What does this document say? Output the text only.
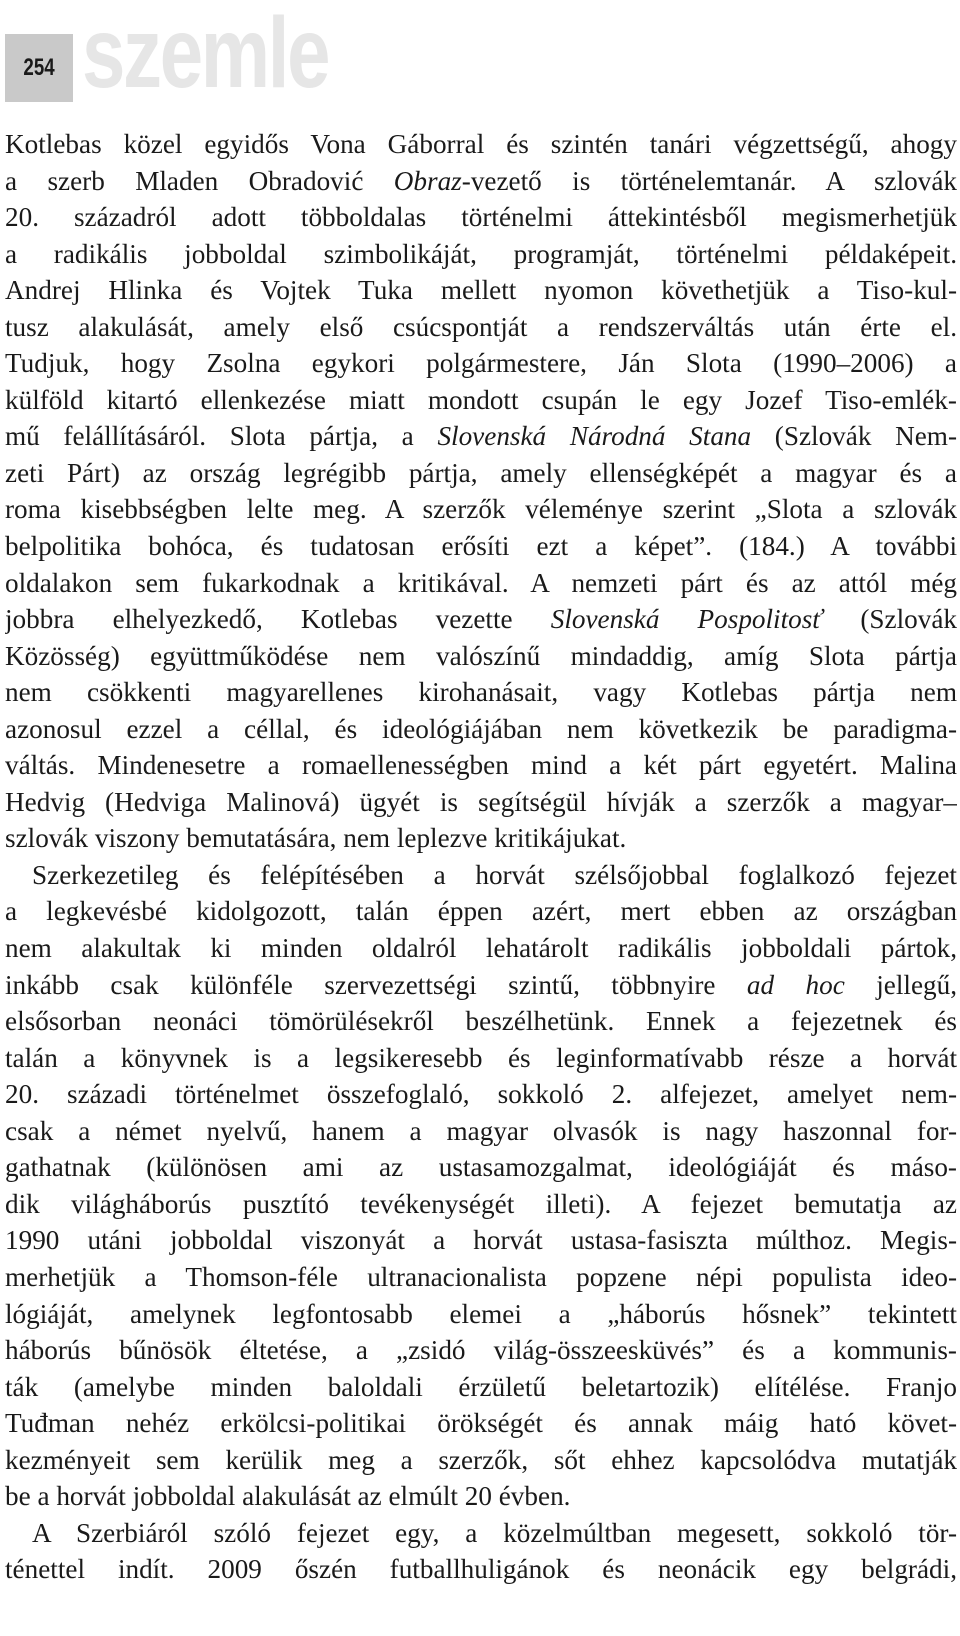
254 szemle
Kotlebas közel egyidős Vona Gáborral és szintén tanári végzettségű, ahogy
a szerb Mladen Obradović Obraz-vezető is történelemtanár. A szlovák
20. századról adott többoldalas történelmi áttekintésből megismerhetjük
a radikális jobboldal szimbolikáját, programját, történelmi példaképeit.
Andrej Hlinka és Vojtek Tuka mellett nyomon követhetjük a Tiso-kul-
tusz alakulását, amely első csúcspontját a rendszerváltás után érte el.
Tudjuk, hogy Zsolna egykori polgármestere, Ján Slota (1990–2006) a
külföld kitartó ellenkezése miatt mondott csupán le egy Jozef Tiso-emlék-
mű felállításáról. Slota pártja, a Slovenská Národná Stana (Szlovák Nem-
zeti Párt) az ország legrégibb pártja, amely ellenségképét a magyar és a
roma kisebbségben lelte meg. A szerzők véleménye szerint „Slota a szlovák
belpolitika bohóca, és tudatosan erősíti ezt a képet”. (184.) A további
oldalakon sem fukarkodnak a kritikával. A nemzeti párt és az attól még
jobbra elhelyezkedő, Kotlebas vezette Slovenská Pospolitosť (Szlovák
Közösség) együttműködése nem valószínű mindaddig, amíg Slota pártja
nem csökkenti magyarellenes kirohanásait, vagy Kotlebas pártja nem
azonosul ezzel a céllal, és ideológiájában nem következik be paradigma-
váltás. Mindenesetre a romaellenességben mind a két párt egyetért. Malina
Hedvig (Hedviga Malinová) ügyét is segítségül hívják a szerzők a magyar–
szlovák viszony bemutatására, nem leplezve kritikájukat.
Szerkezetileg és felépítésében a horvát szélsőjobbal foglalkozó fejezet
a legkevésbé kidolgozott, talán éppen azért, mert ebben az országban
nem alakultak ki minden oldalról lehatárolt radikális jobboldali pártok,
inkább csak különféle szervezettségi szintű, többnyire ad hoc jellegű,
elsősorban neonáci tömörülésekről beszélhetünk. Ennek a fejezetnek és
talán a könyvnek is a legsikeresebb és leginformatívabb része a horvát
20. századi történelmet összefoglaló, sokkoló 2. alfejezet, amelyet nem-
csak a német nyelvű, hanem a magyar olvasók is nagy haszonnal for-
gathatnak (különösen ami az ustasamozgalmat, ideológiáját és máso-
dik világháborús pusztító tevékenységét illeti). A fejezet bemutatja az
1990 utáni jobboldal viszonyát a horvát ustasa-fasiszta múlthoz. Megis-
merhetjük a Thomson-féle ultranacionalista popzene népi populista ideo-
lógiáját, amelynek legfontosabb elemei a „háborús hősnek” tekintett
háborús bűnösök éltetése, a „zsidó világ-összeesküvés” és a kommunis-
ták (amelybe minden baloldali érzületű beletartozik) elítélése. Franjo
Tuđman nehéz erkölcsi-politikai örökségét és annak máig ható követ-
kezményeit sem kerülik meg a szerzők, sőt ehhez kapcsolódva mutatják
be a horvát jobboldal alakulását az elmúlt 20 évben.
A Szerbiáról szóló fejezet egy, a közelmúltban megesett, sokkoló tör-
ténettel indít. 2009 őszén futballhuligánok és neonácik egy belgrádi,
